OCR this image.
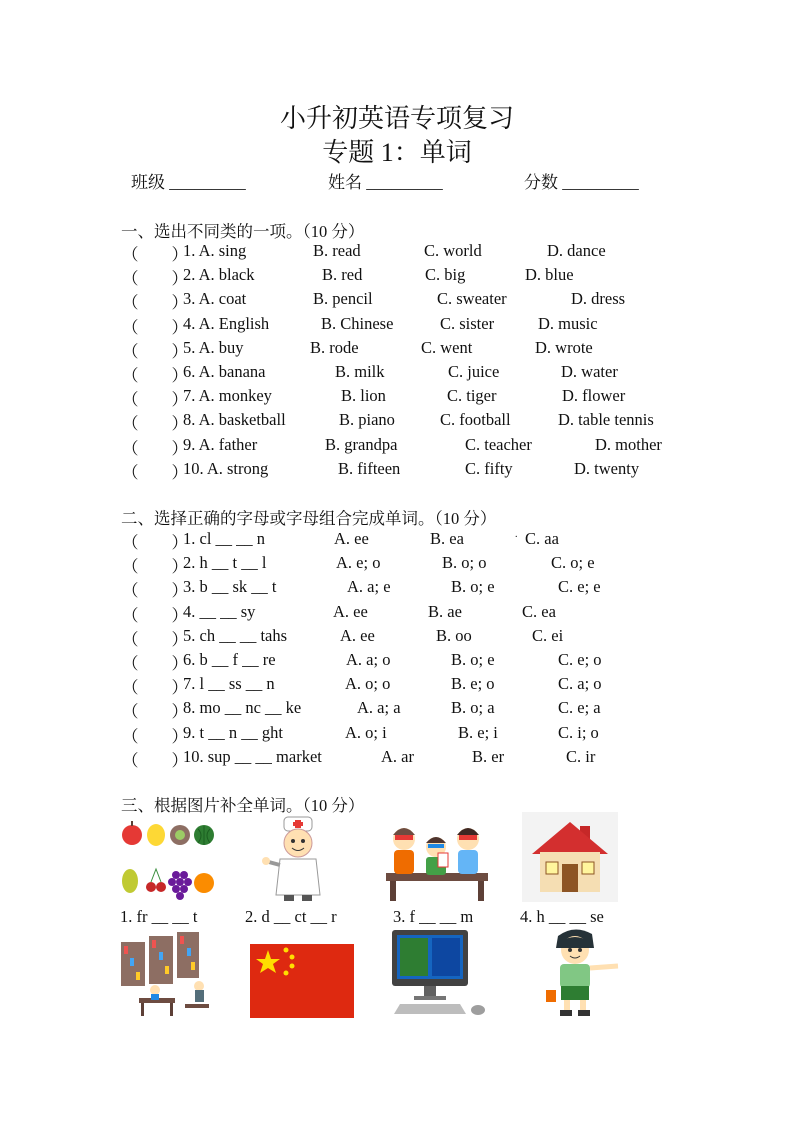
小升初英语专项复习
专题 1：单词
班级 _________	姓名 _________	分数 _________
一、选出不同类的一项。（10 分）
（　　）
1. A. sing	B. read	C. world	D. dance
（　　）
2. A. black	B. red	C. big	D. blue
（　　）
3. A. coat	B. pencil	C. sweater	D. dress
（　　）
4. A. English	B. Chinese	C. sister	D. music
（　　）
5. A. buy	B. rode	C. went	D. wrote
（　　）
6. A. banana	B. milk	C. juice	D. water
（　　）
7. A. monkey	B. lion	C. tiger	D. flower
（　　）
8. A. basketball	B. piano	C. football	D. table tennis
（　　）
9. A. father	B. grandpa	C. teacher	D. mother
（　　）
10. A. strong	B. fifteen	C. fifty	D. twenty
二、选择正确的字母或字母组合完成单词。（10 分）
（　　）
1. cl __ __ n	A. ee	B. ea	C. aa
.
（　　）
2. h __ t __ l	A. e; o	B. o; o	C. o; e
（　　）
3. b __ sk __ t	A. a; e	B. o; e	C. e; e
（　　）
4. __ __ sy	A. ee	B. ae	C. ea
（　　）
5. ch __ __ tahs	A. ee	B. oo	C. ei
（　　）
6. b __ f __ re	A. a; o	B. o; e	C. e; o
（　　）
7. l __ ss __ n	A. o; o	B. e; o	C. a; o
（　　）
8. mo __ nc __ ke	A. a; a	B. o; a	C. e; a
（　　）
9. t __ n __ ght	A. o; i	B. e; i	C. i; o
（　　）
10. sup __ __ market	A. ar	B. er	C. ir
三、根据图片补全单词。（10 分）
1. fr __ __ t	2. d __ ct __ r	3. f __ __ m	4. h __ __ se
